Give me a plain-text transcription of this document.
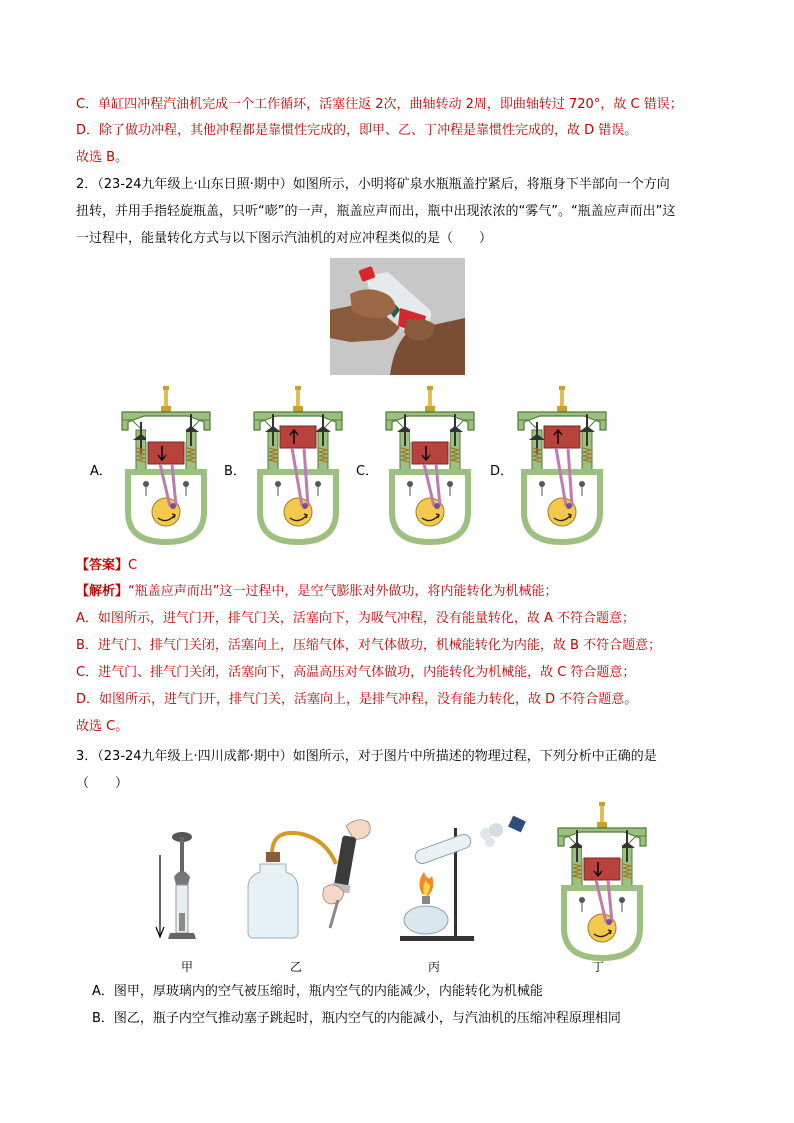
C．单缸四冲程汽油机完成一个工作循环，活塞往返 2次，曲轴转动 2周，即曲轴转过 720°，故 C 错误；
D．除了做功冲程，其他冲程都是靠惯性完成的，即甲、乙、丁冲程是靠惯性完成的，故 D 错误。
故选 B。
2．（23-24九年级上·山东日照·期中）如图所示，小明将矿泉水瓶瓶盖拧紧后，将瓶身下半部向一个方向
扭转，并用手指轻旋瓶盖，只听“嘭”的一声，瓶盖应声而出，瓶中出现浓浓的“雾气”。“瓶盖应声而出”这
一过程中，能量转化方式与以下图示汽油机的对应冲程类似的是（　　）
A．	B．	C．	D．
【答案】C
【解析】“瓶盖应声而出”这一过程中，是空气膨胀对外做功，将内能转化为机械能；
A．如图所示，进气门开，排气门关，活塞向下，为吸气冲程，没有能量转化，故 A 不符合题意；
B．进气门、排气门关闭，活塞向上，压缩气体，对气体做功，机械能转化为内能，故 B 不符合题意；
C．进气门、排气门关闭，活塞向下，高温高压对气体做功，内能转化为机械能，故 C 符合题意；
D．如图所示，进气门开，排气门关，活塞向上，是排气冲程，没有能力转化，故 D 不符合题意。
故选 C。
3．（23-24九年级上·四川成都·期中）如图所示，对于图片中所描述的物理过程，下列分析中正确的是
（　　）
甲	乙	丙	丁
A．图甲，厚玻璃内的空气被压缩时，瓶内空气的内能减少，内能转化为机械能
B．图乙，瓶子内空气推动塞子跳起时，瓶内空气的内能减小，与汽油机的压缩冲程原理相同
